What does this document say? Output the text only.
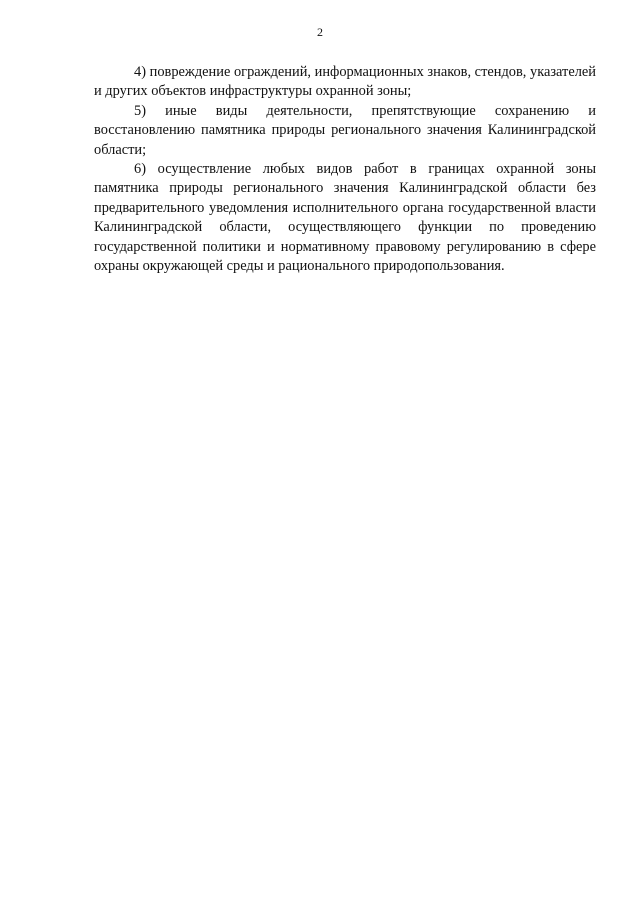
2

4) повреждение ограждений, информационных знаков, стендов, указателей и других объектов инфраструктуры охранной зоны;

5) иные виды деятельности, препятствующие сохранению и восстановлению памятника природы регионального значения Калининградской области;

6) осуществление любых видов работ в границах охранной зоны памятника природы регионального значения Калининградской области без предварительного уведомления исполнительного органа государственной власти Калининградской области, осуществляющего функции по проведению государственной политики и нормативному правовому регулированию в сфере охраны окружающей среды и рационального природопользования.
